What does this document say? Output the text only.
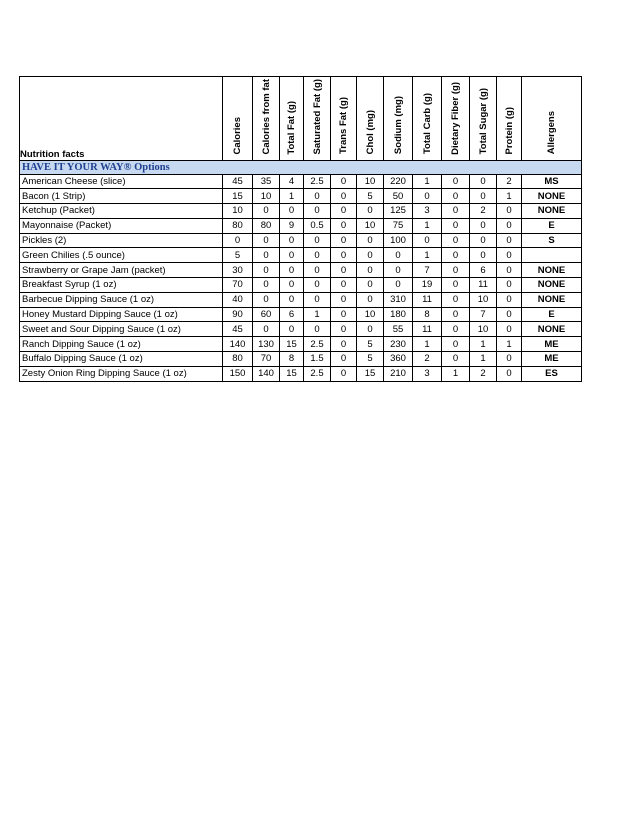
Nutrition facts	Calories	Calories from fat	Total Fat (g)	Saturated Fat (g)	Trans Fat (g)	Chol (mg)	Sodium (mg)	Total Carb (g)	Dietary Fiber (g)	Total Sugar (g)	Protein (g)	Allergens
HAVE IT YOUR WAY® Options												
American Cheese (slice)	45	35	4	2.5	0	10	220	1	0	0	2	MS
Bacon (1 Strip)	15	10	1	0	0	5	50	0	0	0	1	NONE
Ketchup (Packet)	10	0	0	0	0	0	125	3	0	2	0	NONE
Mayonnaise (Packet)	80	80	9	0.5	0	10	75	1	0	0	0	E
Pickles (2)	0	0	0	0	0	0	100	0	0	0	0	S
Green Chilies (.5 ounce)	5	0	0	0	0	0	0	1	0	0	0	
Strawberry or Grape Jam (packet)	30	0	0	0	0	0	0	7	0	6	0	NONE
Breakfast Syrup (1 oz)	70	0	0	0	0	0	0	19	0	11	0	NONE
Barbecue Dipping Sauce (1 oz)	40	0	0	0	0	0	310	11	0	10	0	NONE
Honey Mustard Dipping Sauce (1 oz)	90	60	6	1	0	10	180	8	0	7	0	E
Sweet and Sour Dipping Sauce (1 oz)	45	0	0	0	0	0	55	11	0	10	0	NONE
Ranch Dipping Sauce (1 oz)	140	130	15	2.5	0	5	230	1	0	1	1	ME
Buffalo Dipping Sauce (1 oz)	80	70	8	1.5	0	5	360	2	0	1	0	ME
Zesty Onion Ring Dipping Sauce (1 oz)	150	140	15	2.5	0	15	210	3	1	2	0	ES
